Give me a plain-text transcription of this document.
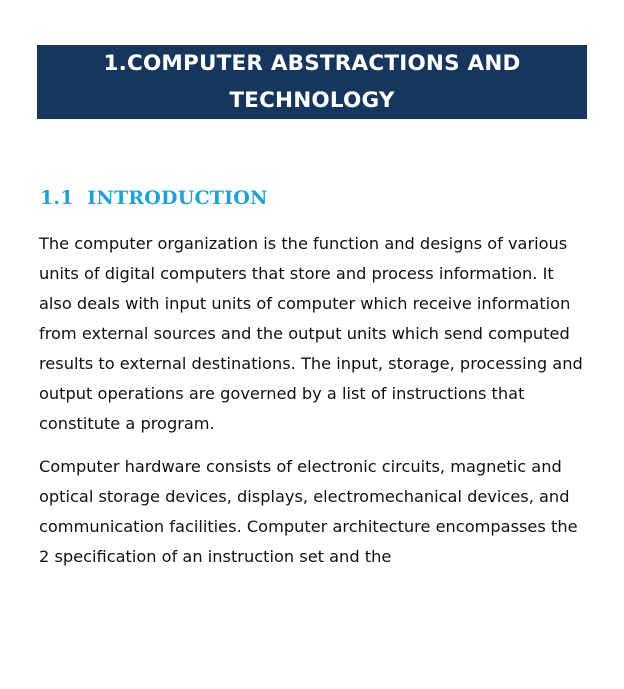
1.COMPUTER ABSTRACTIONS AND TECHNOLOGY
1.1  INTRODUCTION

The computer organization is the function and designs of various units of digital computers that store and process information. It also deals with input units of computer which receive information from external sources and the output units which send computed results to external destinations. The input, storage, processing and output operations are governed by a list of instructions that constitute a program.

Computer hardware consists of electronic circuits, magnetic and optical storage devices, displays, electromechanical devices, and communication facilities. Computer architecture encompasses the 2 specification of an instruction set and the
